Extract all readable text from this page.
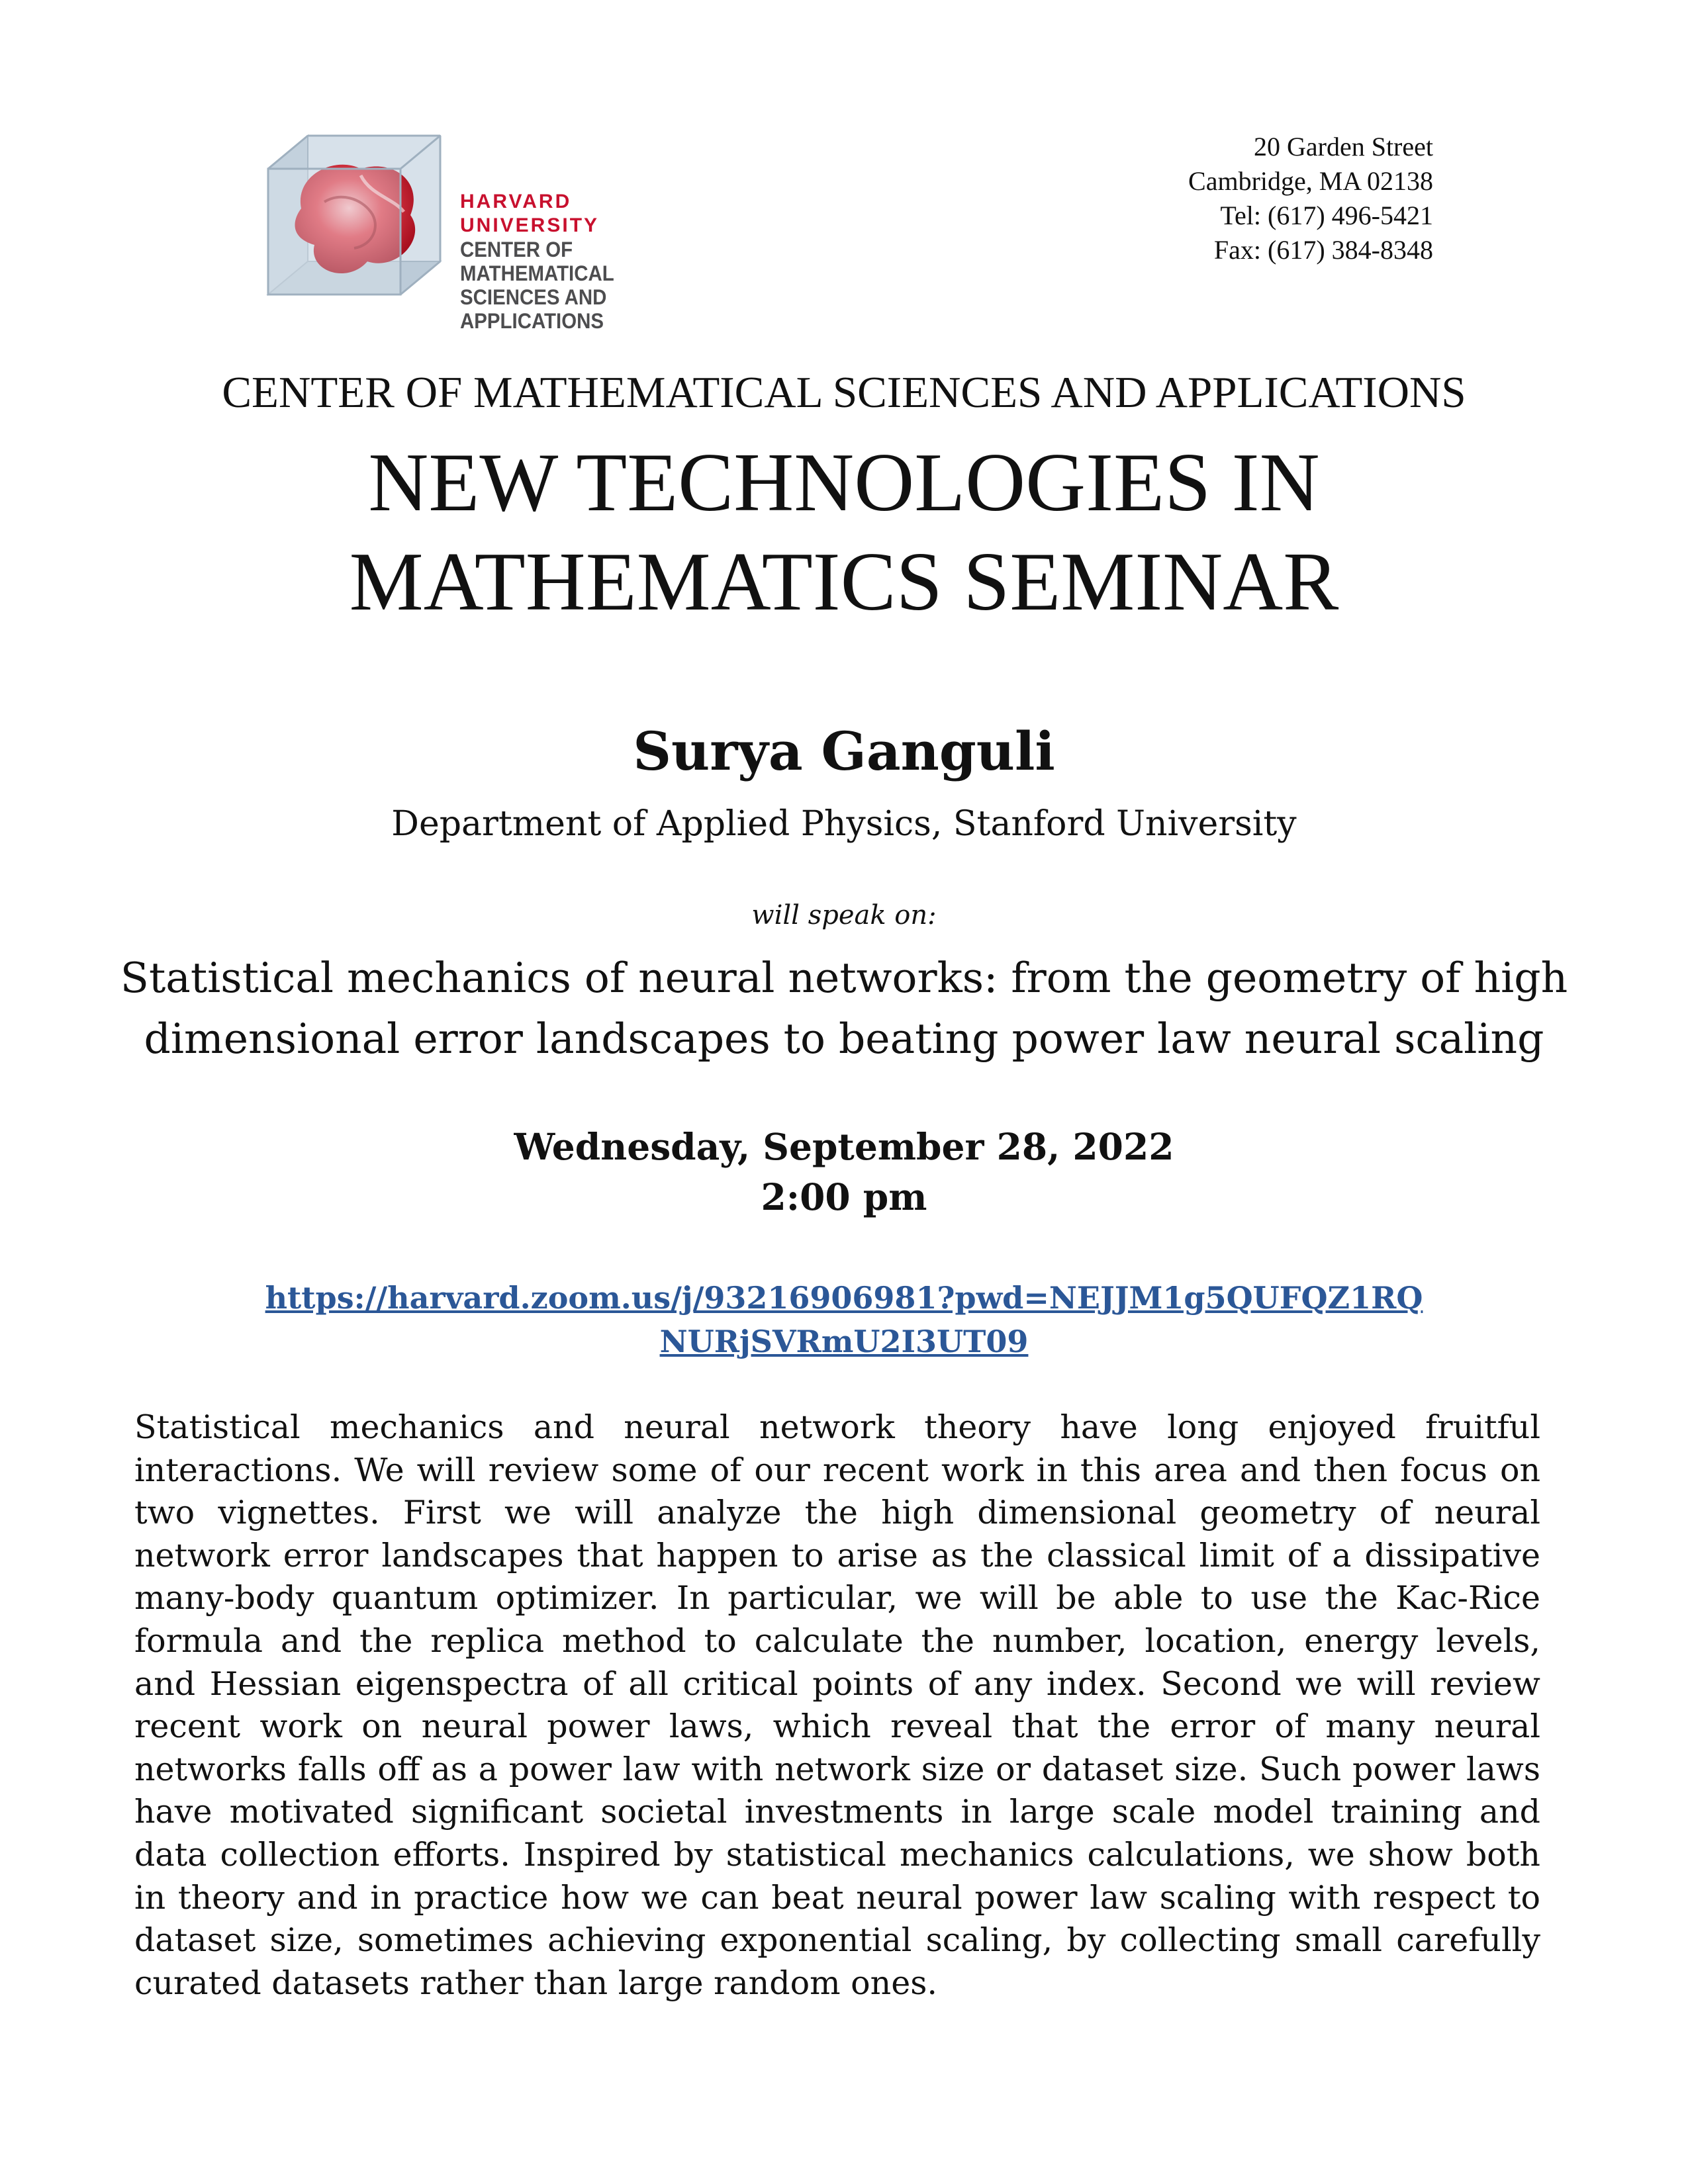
HARVARD UNIVERSITY
CENTER OF MATHEMATICAL
SCIENCES AND APPLICATIONS
20 Garden Street
Cambridge, MA 02138
Tel: (617) 496-5421
Fax: (617) 384-8348
CENTER OF MATHEMATICAL SCIENCES AND APPLICATIONS
NEW TECHNOLOGIES IN
MATHEMATICS SEMINAR
Surya Ganguli
Department of Applied Physics, Stanford University
will speak on:
Statistical mechanics of neural networks: from the geometry of high
dimensional error landscapes to beating power law neural scaling
Wednesday, September 28, 2022
2:00 pm
https://harvard.zoom.us/j/93216906981?pwd=NEJJM1g5QUFQZ1RQ
NURjSVRmU2I3UT09
Statistical mechanics and neural network theory have long enjoyed fruitful
interactions. We will review some of our recent work in this area and then focus on
two vignettes. First we will analyze the high dimensional geometry of neural
network error landscapes that happen to arise as the classical limit of a dissipative
many-body quantum optimizer. In particular, we will be able to use the Kac-Rice
formula and the replica method to calculate the number, location, energy levels,
and Hessian eigenspectra of all critical points of any index. Second we will review
recent work on neural power laws, which reveal that the error of many neural
networks falls off as a power law with network size or dataset size. Such power laws
have motivated significant societal investments in large scale model training and
data collection efforts. Inspired by statistical mechanics calculations, we show both
in theory and in practice how we can beat neural power law scaling with respect to
dataset size, sometimes achieving exponential scaling, by collecting small carefully
curated datasets rather than large random ones.
